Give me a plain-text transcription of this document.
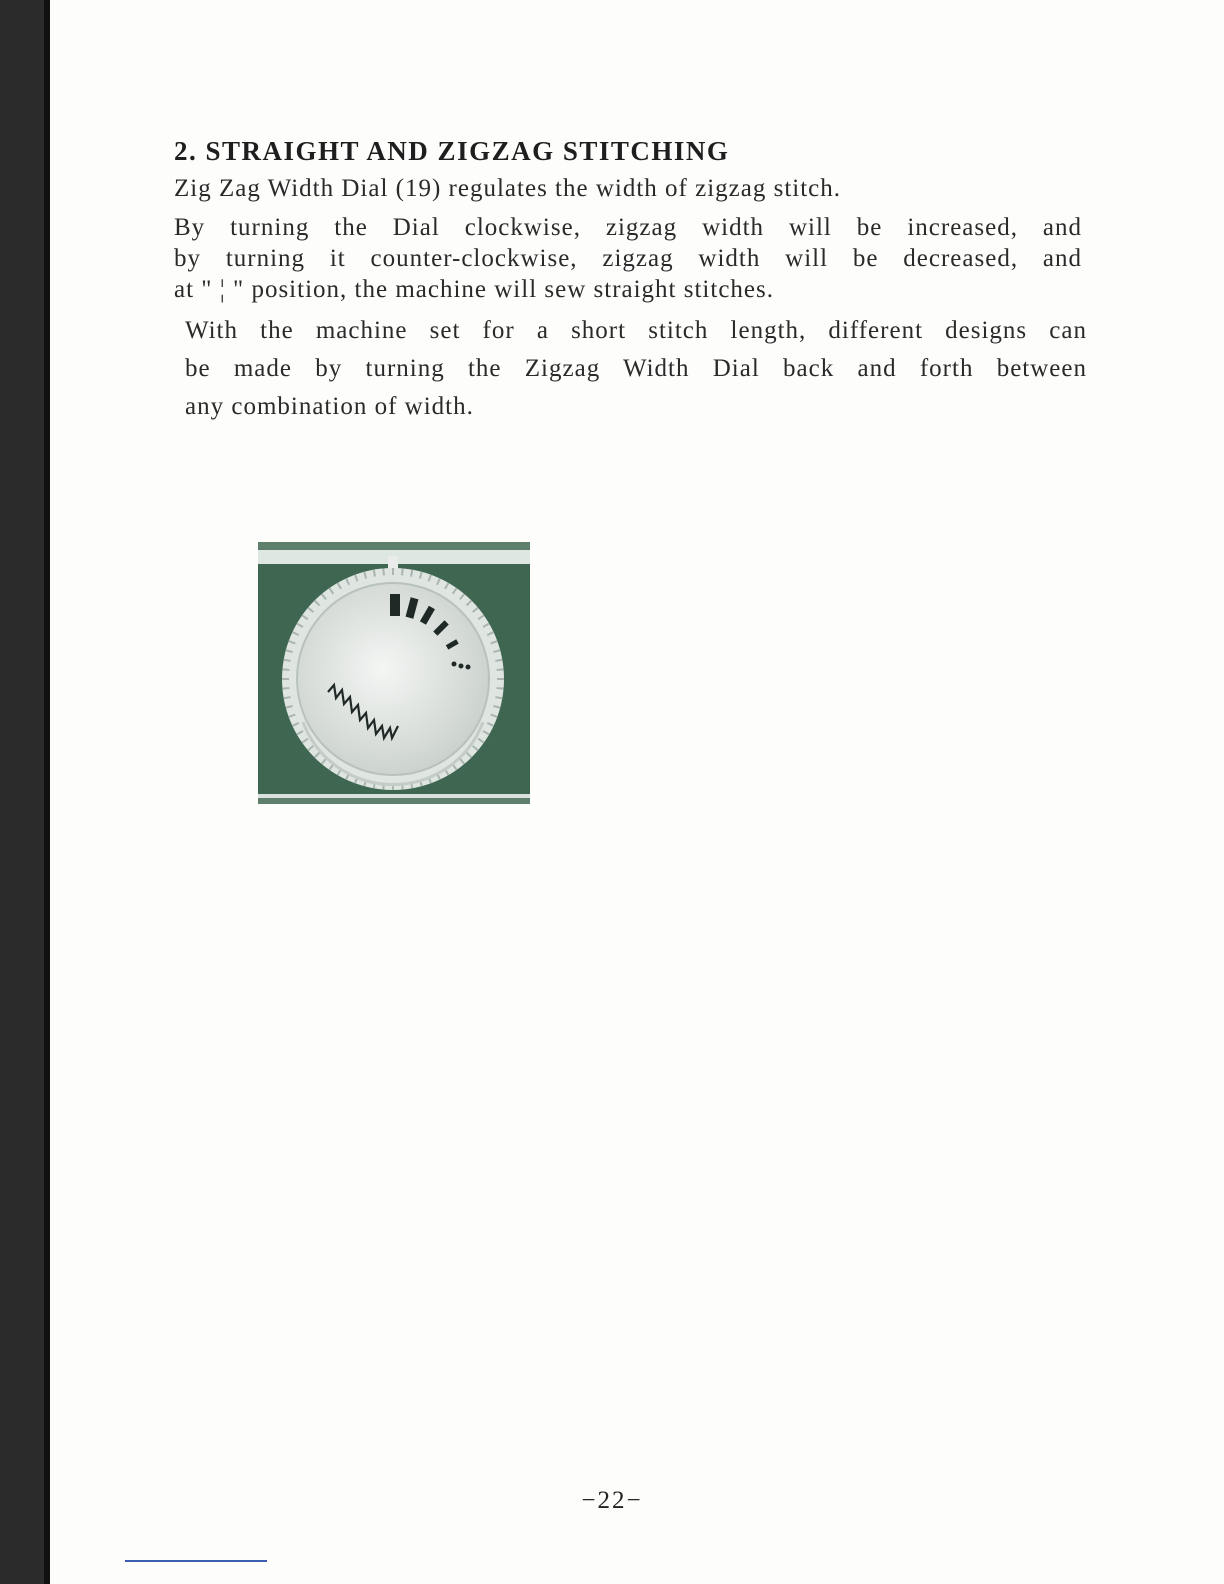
2. STRAIGHT AND ZIGZAG STITCHING
Zig Zag Width Dial (19) regulates the width of zigzag stitch.
By turning the Dial clockwise, zigzag width will be increased, and
by turning it counter-clockwise, zigzag width will be decreased, and
at " ¦ " position, the machine will sew straight stitches.
With the machine set for a short stitch length, different designs can
be made by turning the Zigzag Width Dial back and forth between
any combination of width.
−22−
